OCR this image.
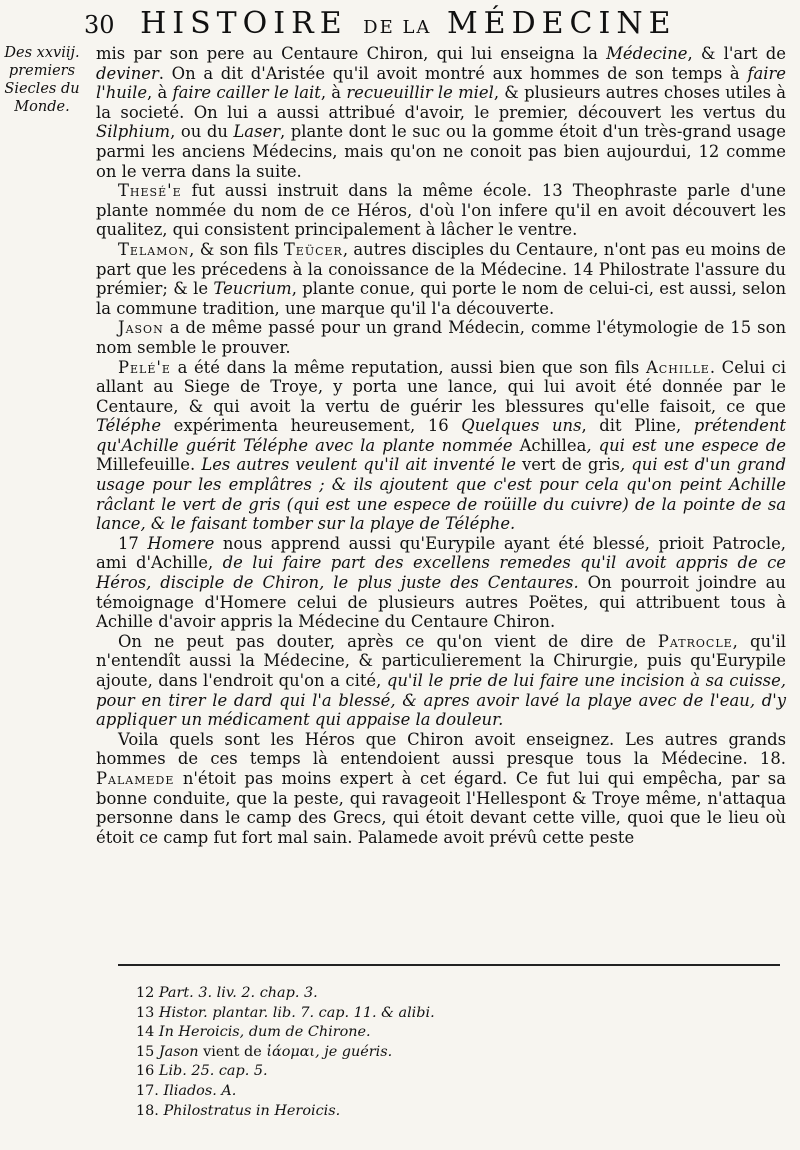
30 HISTOIRE DE LA MÉDECINE
Des xxviij. premiers Siecles du Monde.

mis par son pere au Centaure Chiron, qui lui enseigna la Médecine, & l'art de deviner. On a dit d'Aristée qu'il avoit montré aux hommes de son temps à faire l'huile, à faire cailler le lait, à recueuillir le miel, & plusieurs autres choses utiles à la societé. On lui a aussi attribué d'avoir, le premier, découvert les vertus du Silphium, ou du Laser, plante dont le suc ou la gomme étoit d'un très-grand usage parmi les anciens Médecins, mais qu'on ne conoit pas bien aujourdui, 12 comme on le verra dans la suite.

Thesé'e fut aussi instruit dans la même école. 13 Theophraste parle d'une plante nommée du nom de ce Héros, d'où l'on infere qu'il en avoit découvert les qualitez, qui consistent principalement à lâcher le ventre.

Telamon, & son fils Teücer, autres disciples du Centaure, n'ont pas eu moins de part que les précedens à la conoissance de la Médecine. 14 Philostrate l'assure du prémier; & le Teucrium, plante conue, qui porte le nom de celui-ci, est aussi, selon la commune tradition, une marque qu'il l'a découverte.

Jason a de même passé pour un grand Médecin, comme l'étymologie de 15 son nom semble le prouver.

Pelé'e a été dans la même reputation, aussi bien que son fils Achille. Celui ci allant au Siege de Troye, y porta une lance, qui lui avoit été donnée par le Centaure, & qui avoit la vertu de guérir les blessures qu'elle faisoit, ce que Téléphe expérimenta heureusement, 16 Quelques uns, dit Pline, prétendent qu'Achille guérit Téléphe avec la plante nommée Achillea, qui est une espece de Millefeuille. Les autres veulent qu'il ait inventé le vert de gris, qui est d'un grand usage pour les emplâtres ; & ils ajoutent que c'est pour cela qu'on peint Achille râclant le vert de gris (qui est une espece de roüille du cuivre) de la pointe de sa lance, & le faisant tomber sur la playe de Téléphe.

17 Homere nous apprend aussi qu'Eurypile ayant été blessé, prioit Patrocle, ami d'Achille, de lui faire part des excellens remedes qu'il avoit appris de ce Héros, disciple de Chiron, le plus juste des Centaures. On pourroit joindre au témoignage d'Homere celui de plusieurs autres Poëtes, qui attribuent tous à Achille d'avoir appris la Médecine du Centaure Chiron.

On ne peut pas douter, après ce qu'on vient de dire de Patrocle, qu'il n'entendît aussi la Médecine, & particulierement la Chirurgie, puis qu'Eurypile ajoute, dans l'endroit qu'on a cité, qu'il le prie de lui faire une incision à sa cuisse, pour en tirer le dard qui l'a blessé, & apres avoir lavé la playe avec de l'eau, d'y appliquer un médicament qui appaise la douleur.

Voila quels sont les Héros que Chiron avoit enseignez. Les autres grands hommes de ces temps là entendoient aussi presque tous la Médecine. 18. Palamede n'étoit pas moins expert à cet égard. Ce fut lui qui empêcha, par sa bonne conduite, que la peste, qui ravageoit l'Hellespont & Troye même, n'attaqua personne dans le camp des Grecs, qui étoit devant cette ville, quoi que le lieu où étoit ce camp fut fort mal sain. Palamede avoit prévû cette peste

12 Part. 3. liv. 2. chap. 3.
13 Histor. plantar. lib. 7. cap. 11. & alibi.
14 In Heroicis, dum de Chirone.
15 Jason vient de ἰάομαι, je guéris.
16 Lib. 25. cap. 5.
17. Iliados. A.
18. Philostratus in Heroicis.
